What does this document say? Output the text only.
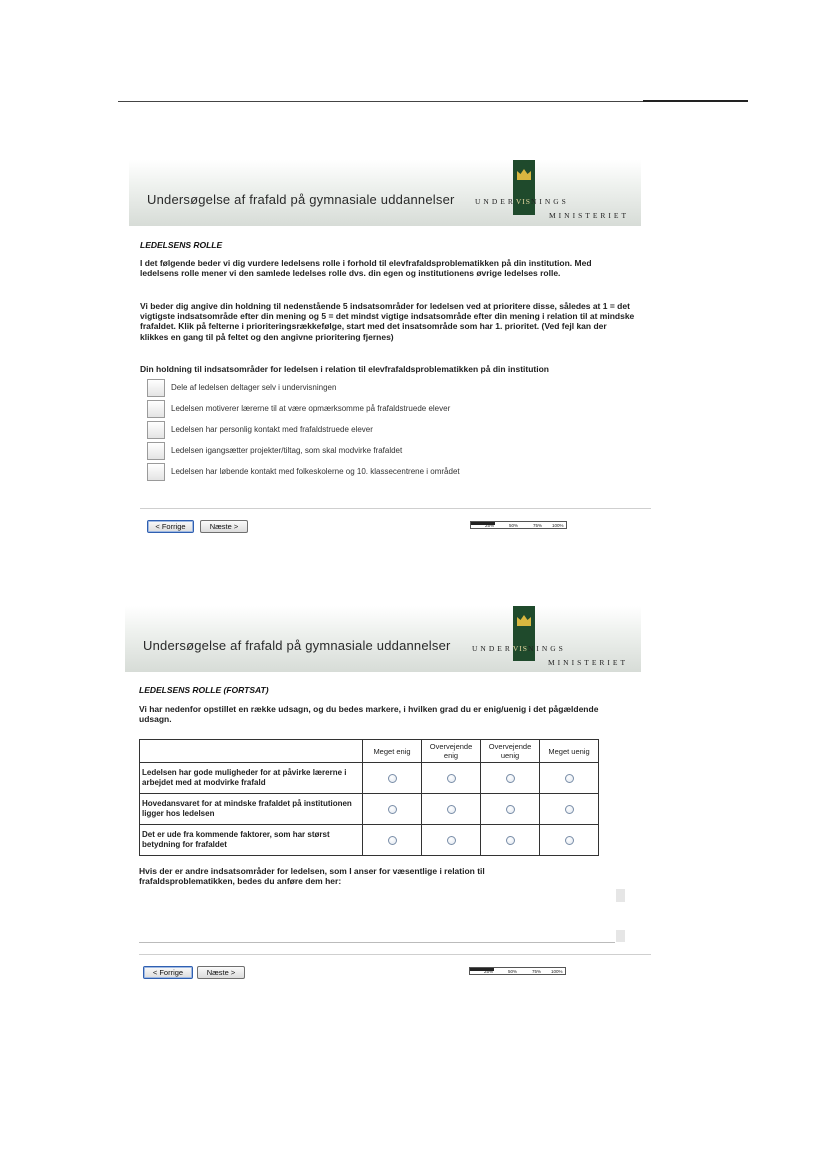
Undersøgelse af frafald på gymnasiale uddannelser	UNDERVISNINGS
MINISTERIET
LEDELSENS ROLLE
I det følgende beder vi dig vurdere ledelsens rolle i forhold til elevfrafaldsproblematikken på din institution. Med ledelsens rolle mener vi den samlede ledelses rolle dvs. din egen og institutionens øvrige ledelses rolle.
Vi beder dig angive din holdning til nedenstående 5 indsatsområder for ledelsen ved at prioritere disse, således at 1 = det vigtigste indsatsområde efter din mening og 5 = det mindst vigtige indsatsområde efter din mening i relation til at mindske frafaldet. Klik på felterne i prioriteringsrækkefølge, start med det insatsområde som har 1. prioritet. (Ved fejl kan der klikkes en gang til på feltet og den angivne prioritering fjernes)
Din holdning til indsatsområder for ledelsen i relation til elevfrafaldsproblematikken på din institution
Dele af ledelsen deltager selv i undervisningen
Ledelsen motiverer lærerne til at være opmærksomme på frafaldstruede elever
Ledelsen har personlig kontakt med frafaldstruede elever
Ledelsen igangsætter projekter/tiltag, som skal modvirke frafaldet
Ledelsen har løbende kontakt med folkeskolerne og 10. klassecentrene i området
< Forrige	Næste >	25%	50%	75% 100%
Undersøgelse af frafald på gymnasiale uddannelser	UNDERVISNINGS
MINISTERIET
LEDELSENS ROLLE (FORTSAT)
Vi har nedenfor opstillet en række udsagn, og du bedes markere, i hvilken grad du er enig/uenig i det pågældende udsagn.
	Meget enig	Overvejende enig	Overvejende uenig	Meget uenig
Ledelsen har gode muligheder for at påvirke lærerne i arbejdet med at modvirke frafald	

Hovedansvaret for at mindske frafaldet på institutionen ligger hos ledelsen	

Det er ude fra kommende faktorer, som har størst betydning for frafaldet	

Hvis der er andre indsatsområder for ledelsen, som I anser for væsentlige i relation til frafaldsproblematikken, bedes du anføre dem her:
< Forrige	Næste >	25%	50%	75% 100%
